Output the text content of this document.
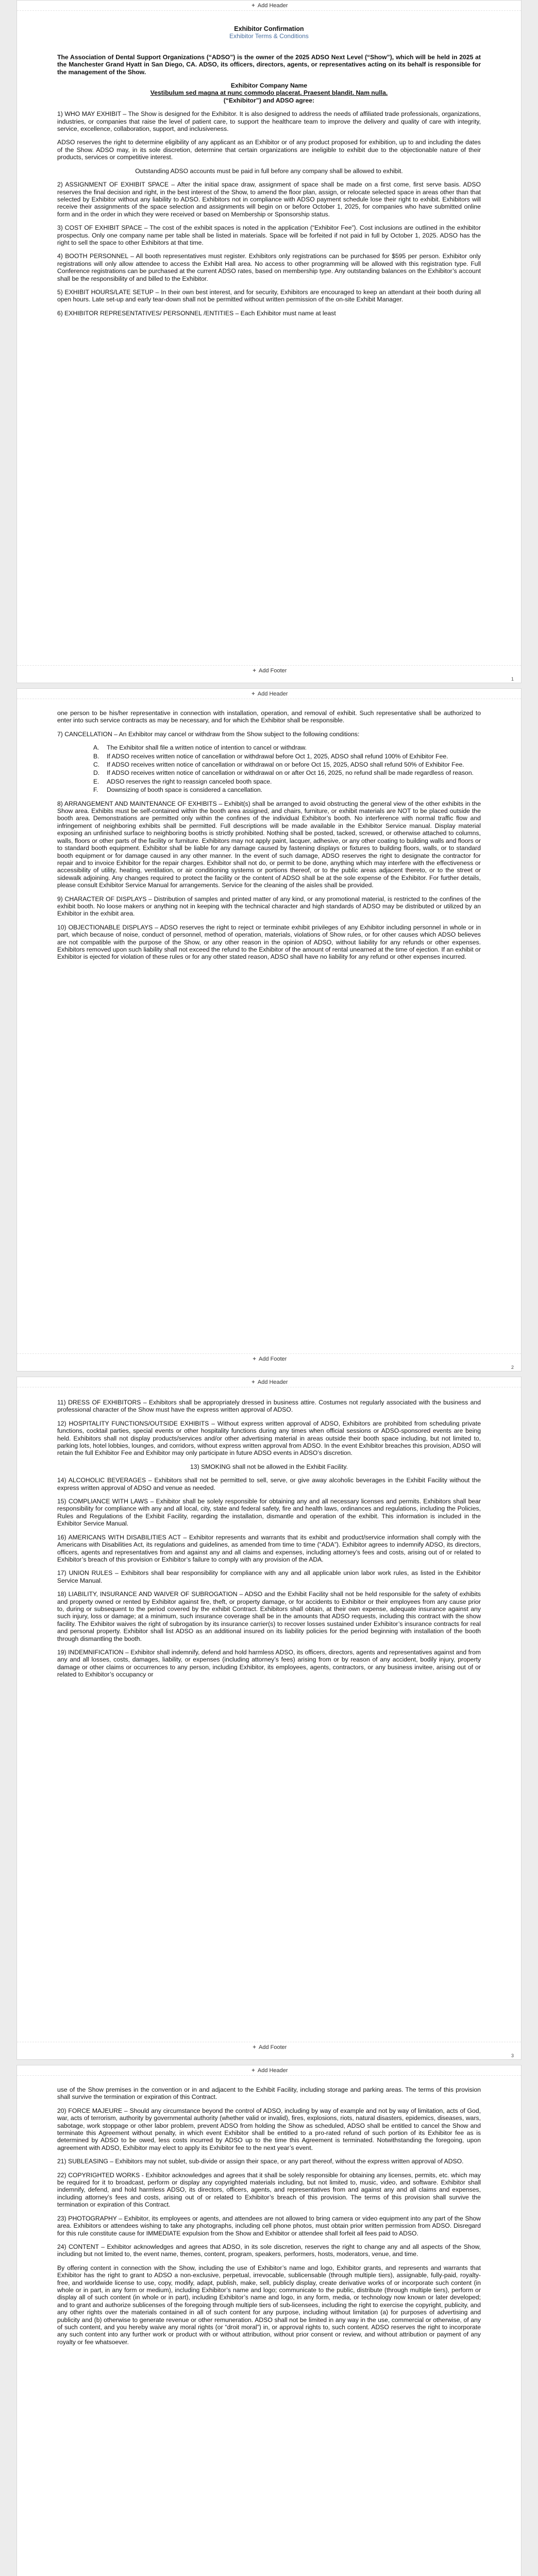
+ Add Header
Exhibitor Confirmation
Exhibitor Terms & Conditions

The Association of Dental Support Organizations (“ADSO”) is the owner of the 2025 ADSO Next Level (“Show”), which will be held in 2025 at the Manchester Grand Hyatt in San Diego, CA. ADSO, its officers, directors, agents, or representatives acting on its behalf is responsible for the management of the Show.

Exhibitor Company Name

Vestibulum sed magna at nunc commodo placerat. Praesent blandit. Nam nulla.

(“Exhibitor”) and ADSO agree:

1) WHO MAY EXHIBIT – The Show is designed for the Exhibitor. It is also designed to address the needs of affiliated trade professionals, organizations, industries, or companies that raise the level of patient care, to support the healthcare team to improve the delivery and quality of care with integrity, service, excellence, collaboration, support, and inclusiveness.

ADSO reserves the right to determine eligibility of any applicant as an Exhibitor or of any product proposed for exhibition, up to and including the dates of the Show. ADSO may, in its sole discretion, determine that certain organizations are ineligible to exhibit due to the objectionable nature of their products, services or competitive interest.

Outstanding ADSO accounts must be paid in full before any company shall be allowed to exhibit.

2) ASSIGNMENT OF EXHIBIT SPACE – After the initial space draw, assignment of space shall be made on a first come, first serve basis. ADSO reserves the final decision and right, in the best interest of the Show, to amend the floor plan, assign, or relocate selected space in areas other than that selected by Exhibitor without any liability to ADSO. Exhibitors not in compliance with ADSO payment schedule lose their right to exhibit. Exhibitors will receive their assignments of the space selection and assignments will begin on or before October 1, 2025, for companies who have submitted online form and in the order in which they were received or based on Membership or Sponsorship status.

3) COST OF EXHIBIT SPACE – The cost of the exhibit spaces is noted in the application (“Exhibitor Fee”). Cost inclusions are outlined in the exhibitor prospectus. Only one company name per table shall be listed in materials. Space will be forfeited if not paid in full by October 1, 2025. ADSO has the right to sell the space to other Exhibitors at that time.

4) BOOTH PERSONNEL – All booth representatives must register. Exhibitors only registrations can be purchased for $595 per person. Exhibitor only registrations will only allow attendee to access the Exhibit Hall area. No access to other programming will be allowed with this registration type. Full Conference registrations can be purchased at the current ADSO rates, based on membership type. Any outstanding balances on the Exhibitor’s account shall be the responsibility of and billed to the Exhibitor.

5) EXHIBIT HOURS/LATE SETUP – In their own best interest, and for security, Exhibitors are encouraged to keep an attendant at their booth during all open hours. Late set-up and early tear-down shall not be permitted without written permission of the on-site Exhibit Manager.

6) EXHIBITOR REPRESENTATIVES/ PERSONNEL /ENTITIES – Each Exhibitor must name at least

+ Add Footer
1
+ Add Header

one person to be his/her representative in connection with installation, operation, and removal of exhibit. Such representative shall be authorized to enter into such service contracts as may be necessary, and for which the Exhibitor shall be responsible.

7) CANCELLATION – An Exhibitor may cancel or withdraw from the Show subject to the following conditions:

A.	The Exhibitor shall file a written notice of intention to cancel or withdraw.
B.	If ADSO receives written notice of cancellation or withdrawal before Oct 1, 2025, ADSO shall refund 100% of Exhibitor Fee.
C.	If ADSO receives written notice of cancellation or withdrawal on or before Oct 15, 2025, ADSO shall refund 50% of Exhibitor Fee.
D.	If ADSO receives written notice of cancellation or withdrawal on or after Oct 16, 2025, no refund shall be made regardless of reason.
E.	ADSO reserves the right to reassign canceled booth space.
F.	Downsizing of booth space is considered a cancellation.

8) ARRANGEMENT AND MAINTENANCE OF EXHIBITS – Exhibit(s) shall be arranged to avoid obstructing the general view of the other exhibits in the Show area. Exhibits must be self-contained within the booth area assigned, and chairs, furniture, or exhibit materials are NOT to be placed outside the booth area. Demonstrations are permitted only within the confines of the individual Exhibitor’s booth. No interference with normal traffic flow and infringement of neighboring exhibits shall be permitted. Full descriptions will be made available in the Exhibitor Service manual. Display material exposing an unfinished surface to neighboring booths is strictly prohibited. Nothing shall be posted, tacked, screwed, or otherwise attached to columns, walls, floors or other parts of the facility or furniture. Exhibitors may not apply paint, lacquer, adhesive, or any other coating to building walls and floors or to standard booth equipment. Exhibitor shall be liable for any damage caused by fastening displays or fixtures to building floors, walls, or to standard booth equipment or for damage caused in any other manner. In the event of such damage, ADSO reserves the right to designate the contractor for repair and to invoice Exhibitor for the repair charges. Exhibitor shall not do, or permit to be done, anything which may interfere with the effectiveness or accessibility of utility, heating, ventilation, or air conditioning systems or portions thereof, or to the public areas adjacent thereto, or to the street or sidewalk adjoining. Any changes required to protect the facility or the content of ADSO shall be at the sole expense of the Exhibitor. For further details, please consult Exhibitor Service Manual for arrangements. Service for the cleaning of the aisles shall be provided.

9) CHARACTER OF DISPLAYS – Distribution of samples and printed matter of any kind, or any promotional material, is restricted to the confines of the exhibit booth. No loose makers or anything not in keeping with the technical character and high standards of ADSO may be distributed or utilized by an Exhibitor in the exhibit area.

10) OBJECTIONABLE DISPLAYS – ADSO reserves the right to reject or terminate exhibit privileges of any Exhibitor including personnel in whole or in part, which because of noise, conduct of personnel, method of operation, materials, violations of Show rules, or for other causes which ADSO believes are not compatible with the purpose of the Show, or any other reason in the opinion of ADSO, without liability for any refunds or other expenses. Exhibitors removed upon such liability shall not exceed the refund to the Exhibitor of the amount of rental unearned at the time of ejection. If an exhibit or Exhibitor is ejected for violation of these rules or for any other stated reason, ADSO shall have no liability for any refund or other expenses incurred.

+ Add Footer
2
+ Add Header

11) DRESS OF EXHIBITORS – Exhibitors shall be appropriately dressed in business attire. Costumes not regularly associated with the business and professional character of the Show must have the express written approval of ADSO.

12) HOSPITALITY FUNCTIONS/OUTSIDE EXHIBITS – Without express written approval of ADSO, Exhibitors are prohibited from scheduling private functions, cocktail parties, special events or other hospitality functions during any times when official sessions or ADSO-sponsored events are being held. Exhibitors shall not display products/services and/or other advertising material in areas outside their booth space including, but not limited to, parking lots, hotel lobbies, lounges, and corridors, without express written approval from ADSO. In the event Exhibitor breaches this provision, ADSO will retain the full Exhibitor Fee and Exhibitor may only participate in future ADSO events in ADSO’s discretion.

13) SMOKING shall not be allowed in the Exhibit Facility.

14) ALCOHOLIC BEVERAGES – Exhibitors shall not be permitted to sell, serve, or give away alcoholic beverages in the Exhibit Facility without the express written approval of ADSO and venue as needed.

15) COMPLIANCE WITH LAWS – Exhibitor shall be solely responsible for obtaining any and all necessary licenses and permits. Exhibitors shall bear responsibility for compliance with any and all local, city, state and federal safety, fire and health laws, ordinances and regulations, including the Policies, Rules and Regulations of the Exhibit Facility, regarding the installation, dismantle and operation of the exhibit. This information is included in the Exhibitor Service Manual.

16) AMERICANS WITH DISABILITIES ACT – Exhibitor represents and warrants that its exhibit and product/service information shall comply with the Americans with Disabilities Act, its regulations and guidelines, as amended from time to time (“ADA”). Exhibitor agrees to indemnify ADSO, its directors, officers, agents and representatives from and against any and all claims and expenses, including attorney’s fees and costs, arising out of or related to Exhibitor’s breach of this provision or Exhibitor’s failure to comply with any provision of the ADA.

17) UNION RULES – Exhibitors shall bear responsibility for compliance with any and all applicable union labor work rules, as listed in the Exhibitor Service Manual.

18) LIABILITY, INSURANCE AND WAIVER OF SUBROGATION – ADSO and the Exhibit Facility shall not be held responsible for the safety of exhibits and property owned or rented by Exhibitor against fire, theft, or property damage, or for accidents to Exhibitor or their employees from any cause prior to, during or subsequent to the period covered by the exhibit Contract. Exhibitors shall obtain, at their own expense, adequate insurance against any such injury, loss or damage; at a minimum, such insurance coverage shall be in the amounts that ADSO requests, including this contract with the show facility. The Exhibitor waives the right of subrogation by its insurance carrier(s) to recover losses sustained under Exhibitor’s insurance contracts for real and personal property. Exhibitor shall list ADSO as an additional insured on its liability policies for the period beginning with installation of the booth through dismantling the booth.

19) INDEMNIFICATION – Exhibitor shall indemnify, defend and hold harmless ADSO, its officers, directors, agents and representatives against and from any and all losses, costs, damages, liability, or expenses (including attorney’s fees) arising from or by reason of any accident, bodily injury, property damage or other claims or occurrences to any person, including Exhibitor, its employees, agents, contractors, or any business invitee, arising out of or related to Exhibitor’s occupancy or

+ Add Footer
3
+ Add Header

use of the Show premises in the convention or in and adjacent to the Exhibit Facility, including storage and parking areas. The terms of this provision shall survive the termination or expiration of this Contract.

20) FORCE MAJEURE – Should any circumstance beyond the control of ADSO, including by way of example and not by way of limitation, acts of God, war, acts of terrorism, authority by governmental authority (whether valid or invalid), fires, explosions, riots, natural disasters, epidemics, diseases, wars, sabotage, work stoppage or other labor problem, prevent ADSO from holding the Show as scheduled, ADSO shall be entitled to cancel the Show and terminate this Agreement without penalty, in which event Exhibitor shall be entitled to a pro-rated refund of such portion of its Exhibitor fee as is determined by ADSO to be owed, less costs incurred by ADSO up to the time this Agreement is terminated. Notwithstanding the foregoing, upon agreement with ADSO, Exhibitor may elect to apply its Exhibitor fee to the next year’s event.

21) SUBLEASING – Exhibitors may not sublet, sub-divide or assign their space, or any part thereof, without the express written approval of ADSO.

22) COPYRIGHTED WORKS - Exhibitor acknowledges and agrees that it shall be solely responsible for obtaining any licenses, permits, etc. which may be required for it to broadcast, perform or display any copyrighted materials including, but not limited to, music, video, and software. Exhibitor shall indemnify, defend, and hold harmless ADSO, its directors, officers, agents, and representatives from and against any and all claims and expenses, including attorney’s fees and costs, arising out of or related to Exhibitor’s breach of this provision. The terms of this provision shall survive the termination or expiration of this Contract.

23) PHOTOGRAPHY – Exhibitor, its employees or agents, and attendees are not allowed to bring camera or video equipment into any part of the Show area. Exhibitors or attendees wishing to take any photographs, including cell phone photos, must obtain prior written permission from ADSO. Disregard for this rule constitute cause for IMMEDIATE expulsion from the Show and Exhibitor or attendee shall forfeit all fees paid to ADSO.

24) CONTENT – Exhibitor acknowledges and agrees that ADSO, in its sole discretion, reserves the right to change any and all aspects of the Show, including but not limited to, the event name, themes, content, program, speakers, performers, hosts, moderators, venue, and time.

By offering content in connection with the Show, including the use of Exhibitor’s name and logo, Exhibitor grants, and represents and warrants that Exhibitor has the right to grant to ADSO a non-exclusive, perpetual, irrevocable, sublicensable (through multiple tiers), assignable, fully-paid, royalty-free, and worldwide license to use, copy, modify, adapt, publish, make, sell, publicly display, create derivative works of or incorporate such content (in whole or in part, in any form or medium), including Exhibitor’s name and logo; communicate to the public, distribute (through multiple tiers), perform or display all of such content (in whole or in part), including Exhibitor’s name and logo, in any form, media, or technology now known or later developed; and to grant and authorize sublicenses of the foregoing through multiple tiers of sub-licensees, including the right to exercise the copyright, publicity, and any other rights over the materials contained in all of such content for any purpose, including without limitation (a) for purposes of advertising and publicity and (b) otherwise to generate revenue or other remuneration. ADSO shall not be limited in any way in the use, commercial or otherwise, of any of such content, and you hereby waive any moral rights (or “droit moral”) in, or approval rights to, such content. ADSO reserves the right to incorporate any such content into any further work or product with or without attribution, without prior consent or review, and without attribution or payment of any royalty or fee whatsoever.
